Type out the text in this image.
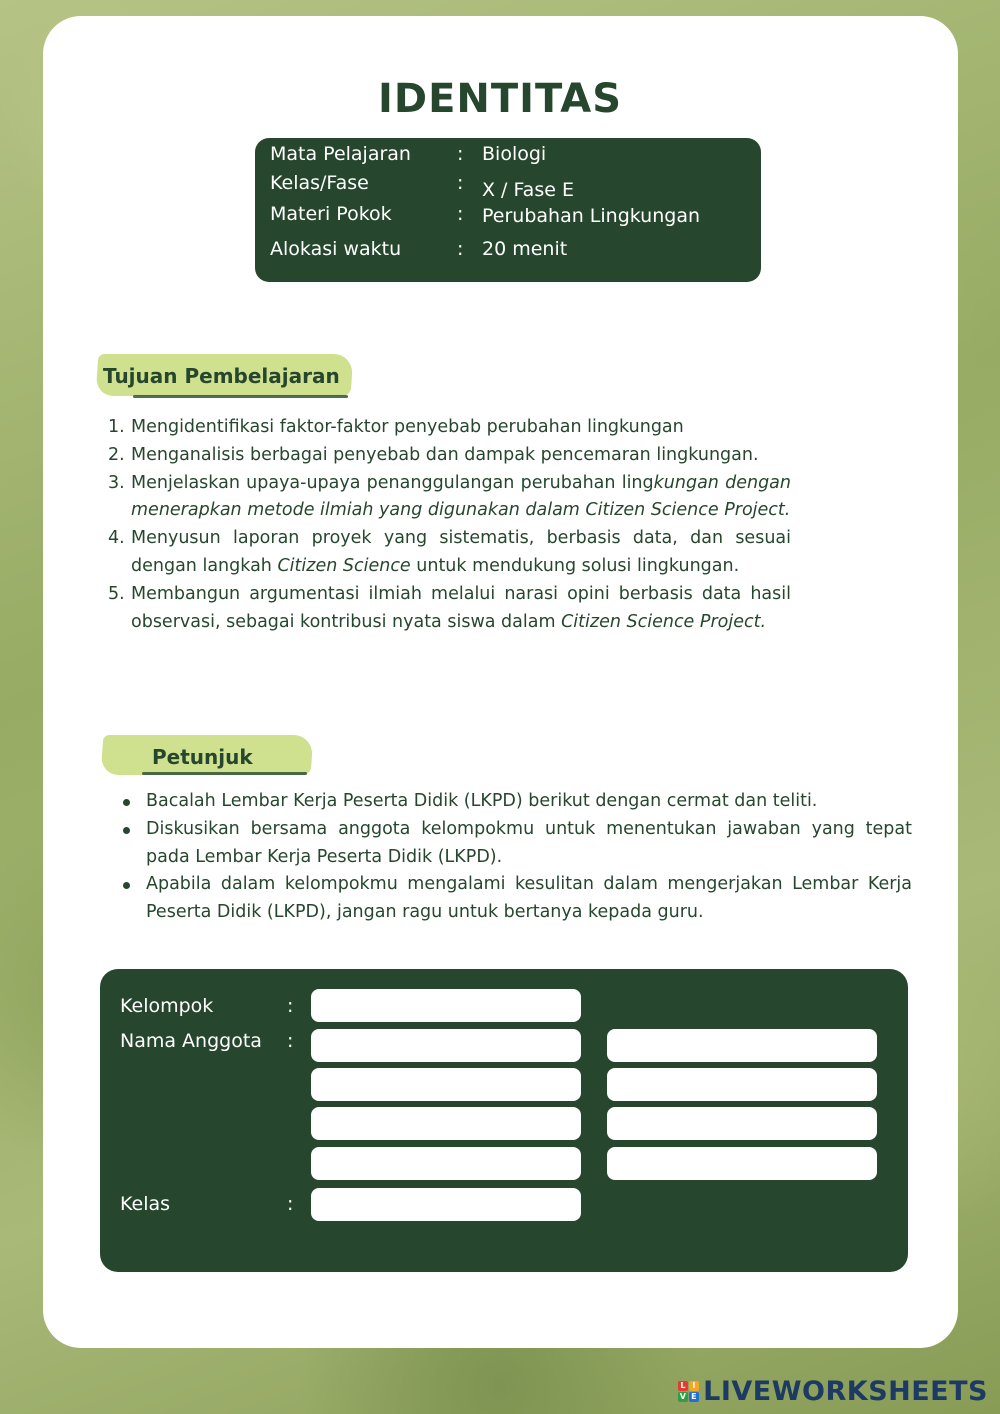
IDENTITAS
Mata Pelajaran : Biologi
Kelas/Fase	: X / Fase E
Materi Pokok	: Perubahan Lingkungan
Alokasi waktu	: 20 menit
Tujuan Pembelajaran
1. Mengidentifikasi faktor-faktor penyebab perubahan lingkungan
2. Menganalisis berbagai penyebab dan dampak pencemaran lingkungan.
3. Menjelaskan upaya-upaya penanggulangan perubahan lingkungan dengan menerapkan metode ilmiah yang digunakan dalam Citizen Science Project.
4. Menyusun laporan proyek yang sistematis, berbasis data, dan sesuai dengan langkah Citizen Science untuk mendukung solusi lingkungan.
5. Membangun argumentasi ilmiah melalui narasi opini berbasis data hasil observasi, sebagai kontribusi nyata siswa dalam Citizen Science Project.
Petunjuk
Bacalah Lembar Kerja Peserta Didik (LKPD) berikut dengan cermat dan teliti.
Diskusikan bersama anggota kelompokmu untuk menentukan jawaban yang tepat pada Lembar Kerja Peserta Didik (LKPD).
Apabila dalam kelompokmu mengalami kesulitan dalam mengerjakan Lembar Kerja Peserta Didik (LKPD), jangan ragu untuk bertanya kepada guru.
Kelompok	:
Nama Anggota :
Kelas	:
L I
V E LIVEWORKSHEETS
